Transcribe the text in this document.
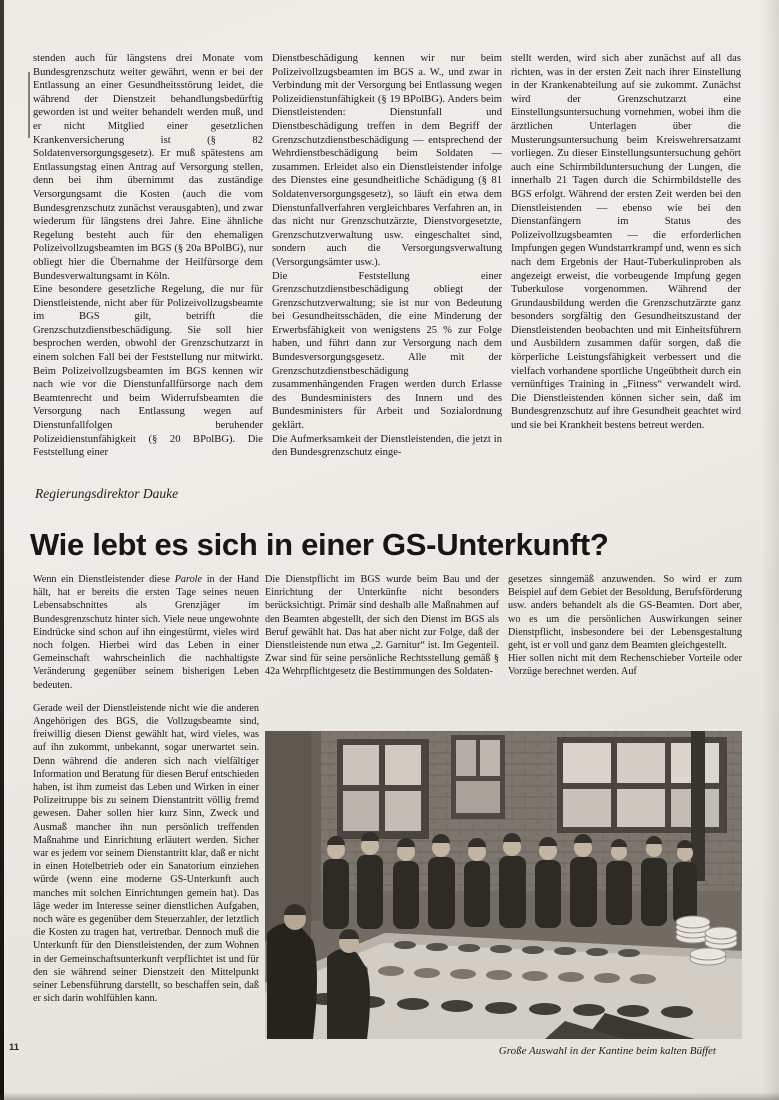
stenden auch für längstens drei Monate vom Bundesgrenzschutz weiter gewährt, wenn er bei der Entlassung an einer Gesundheitsstörung leidet, die während der Dienstzeit behandlungsbedürftig geworden ist und weiter behandelt werden muß, und er nicht Mitglied einer gesetzlichen Krankenversicherung ist (§ 82 Soldatenversorgungsgesetz). Er muß spätestens am Entlassungstag einen Antrag auf Versorgung stellen, denn bei ihm übernimmt das zuständige Versorgungsamt die Kosten (auch die vom Bundesgrenzschutz zunächst verausgabten), und zwar wiederum für längstens drei Jahre. Eine ähnliche Regelung besteht auch für den ehemaligen Polizeivollzugsbeamten im BGS (§ 20a BPolBG), nur obliegt hier die Übernahme der Heilfürsorge dem Bundesverwaltungsamt in Köln.

Eine besondere gesetzliche Regelung, die nur für Dienstleistende, nicht aber für Polizeivollzugsbeamte im BGS gilt, betrifft die Grenzschutzdienstbeschädigung. Sie soll hier besprochen werden, obwohl der Grenzschutzarzt in einem solchen Fall bei der Feststellung nur mitwirkt. Beim Polizeivollzugsbeamten im BGS kennen wir nach wie vor die Dienstunfallfürsorge nach dem Beamtenrecht und beim Widerrufsbeamten die Versorgung nach Entlassung wegen auf Dienstunfallfolgen beruhender Polizeidienstunfähigkeit (§ 20 BPolBG). Die Feststellung einer

Dienstbeschädigung kennen wir nur beim Polizeivollzugsbeamten im BGS a. W., und zwar in Verbindung mit der Versorgung bei Entlassung wegen Polizeidienstunfähigkeit (§ 19 BPolBG). Anders beim Dienstleistenden: Dienstunfall und Dienstbeschädigung treffen in dem Begriff der Grenzschutzdienstbeschädigung — entsprechend der Wehrdienstbeschädigung beim Soldaten — zusammen. Erleidet also ein Dienstleistender infolge des Dienstes eine gesundheitliche Schädigung (§ 81 Soldatenversorgungsgesetz), so läuft ein etwa dem Dienstunfallverfahren vergleichbares Verfahren an, in das nicht nur Grenzschutzärzte, Dienstvorgesetzte, Grenzschutzverwaltung usw. eingeschaltet sind, sondern auch die Versorgungsverwaltung (Versorgungsämter usw.).

Die Feststellung einer Grenzschutzdienstbeschädigung obliegt der Grenzschutzverwaltung; sie ist nur von Bedeutung bei Gesundheitsschäden, die eine Minderung der Erwerbsfähigkeit von wenigstens 25 % zur Folge haben, und führt dann zur Versorgung nach dem Bundesversorgungsgesetz. Alle mit der Grenzschutzdienstbeschädigung zusammenhängenden Fragen werden durch Erlasse des Bundesministers des Innern und des Bundesministers für Arbeit und Sozialordnung geklärt.

Die Aufmerksamkeit der Dienstleistenden, die jetzt in den Bundesgrenzschutz einge-

stellt werden, wird sich aber zunächst auf all das richten, was in der ersten Zeit nach ihrer Einstellung in der Krankenabteilung auf sie zukommt. Zunächst wird der Grenzschutzarzt eine Einstellungsuntersuchung vornehmen, wobei ihm die ärztlichen Unterlagen über die Musterungsuntersuchung beim Kreiswehrersatzamt vorliegen. Zu dieser Einstellungsuntersuchung gehört auch eine Schirmbilduntersuchung der Lungen, die innerhalb 21 Tagen durch die Schirmbildstelle des BGS erfolgt. Während der ersten Zeit werden bei den Dienstleistenden — ebenso wie bei den Dienstanfängern im Status des Polizeivollzugsbeamten — die erforderlichen Impfungen gegen Wundstarrkrampf und, wenn es sich nach dem Ergebnis der Haut-Tuberkulinproben als angezeigt erweist, die vorbeugende Impfung gegen Tuberkulose vorgenommen. Während der Grundausbildung werden die Grenzschutzärzte ganz besonders sorgfältig den Gesundheitszustand der Dienstleistenden beobachten und mit Einheitsführern und Ausbildern zusammen dafür sorgen, daß die körperliche Leistungsfähigkeit verbessert und die vielfach vorhandene sportliche Ungeübtheit durch ein vernünftiges Training in „Fitness“ verwandelt wird. Die Dienstleistenden können sicher sein, daß im Bundesgrenzschutz auf ihre Gesundheit geachtet wird und sie bei Krankheit bestens betreut werden.

Regierungsdirektor Dauke
Wie lebt es sich in einer GS-Unterkunft?

Wenn ein Dienstleistender diese Parole in der Hand hält, hat er bereits die ersten Tage seines neuen Lebensabschnittes als Grenzjäger im Bundesgrenzschutz hinter sich. Viele neue ungewohnte Eindrücke sind schon auf ihn eingestürmt, vieles wird noch folgen. Hierbei wird das Leben in einer Gemeinschaft wahrscheinlich die nachhaltigste Veränderung gegenüber seinem bisherigen Leben bedeuten.

Gerade weil der Dienstleistende nicht wie die anderen Angehörigen des BGS, die Vollzugsbeamte sind, freiwillig diesen Dienst gewählt hat, wird vieles, was auf ihn zukommt, unbekannt, sogar unerwartet sein. Denn während die anderen sich nach vielfältiger Information und Beratung für diesen Beruf entschieden haben, ist ihm zumeist das Leben und Wirken in einer Polizeitruppe bis zu seinem Dienstantritt völlig fremd gewesen. Daher sollen hier kurz Sinn, Zweck und Ausmaß mancher ihn nun persönlich treffenden Maßnahme und Einrichtung erläutert werden. Sicher war es jedem vor seinem Dienstantritt klar, daß er nicht in einen Hotelbetrieb oder ein Sanatorium einziehen würde (wenn eine moderne GS-Unterkunft auch manches mit solchen Einrichtungen gemein hat). Das läge weder im Interesse seiner dienstlichen Aufgaben, noch wäre es gegenüber dem Steuerzahler, der letztlich die Kosten zu tragen hat, vertretbar. Dennoch muß die Unterkunft für den Dienstleistenden, der zum Wohnen in der Gemeinschaftsunterkunft verpflichtet ist und für den sie während seiner Dienstzeit den Mittelpunkt seiner Lebensführung darstellt, so beschaffen sein, daß er sich darin wohlfühlen kann.

Die Dienstpflicht im BGS wurde beim Bau und der Einrichtung der Unterkünfte nicht besonders berücksichtigt. Primär sind deshalb alle Maßnahmen auf den Beamten abgestellt, der sich den Dienst im BGS als Beruf gewählt hat. Das hat aber nicht zur Folge, daß der Dienstleistende nun etwa „2. Garnitur“ ist. Im Gegenteil. Zwar sind für seine persönliche Rechtsstellung gemäß § 42a Wehrpflichtgesetz die Bestimmungen des Soldaten-

gesetzes sinngemäß anzuwenden. So wird er zum Beispiel auf dem Gebiet der Besoldung, Berufsförderung usw. anders behandelt als die GS-Beamten. Dort aber, wo es um die persönlichen Auswirkungen seiner Dienstpflicht, insbesondere bei der Lebensgestaltung geht, ist er voll und ganz dem Beamten gleichgestellt.

Hier sollen nicht mit dem Rechenschieber Vorteile oder Vorzüge berechnet werden. Auf

Große Auswahl in der Kantine beim kalten Büffet
11
